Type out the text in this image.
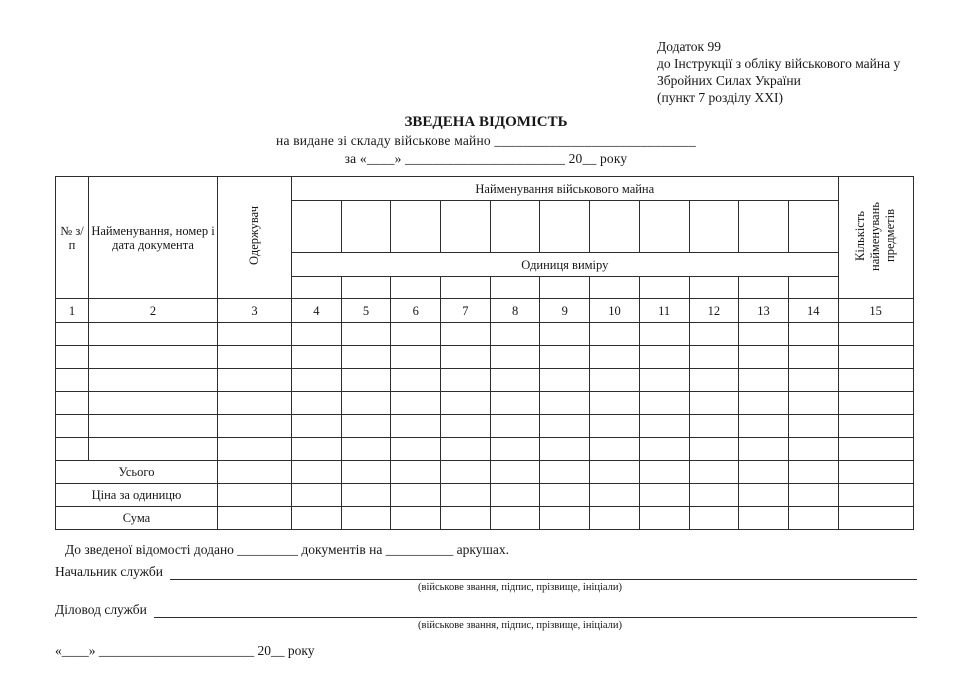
Додаток 99
до Інструкції з обліку військового майна у
Збройних Силах України
(пункт 7 розділу XXI)
ЗВЕДЕНА ВІДОМІСТЬ
на видане зі складу військове майно _____________________________
за «____» _______________________ 20__ року
№ з/п	Найменування, номер і дата документа	Одержувач	Найменування військового майна											Кількість найменувань предметів

			Одиниця виміру											

1	2	3	4	5	6	7	8	9	10	11	12	13	14	15

Усього														
Ціна за одиницю														
Сума														
До зведеної відомості додано _________ документів на __________ аркушах.
Начальник служби
(військове звання, підпис, прізвище, ініціали)
Діловод служби
(військове звання, підпис, прізвище, ініціали)
«____» _______________________ 20__ року
